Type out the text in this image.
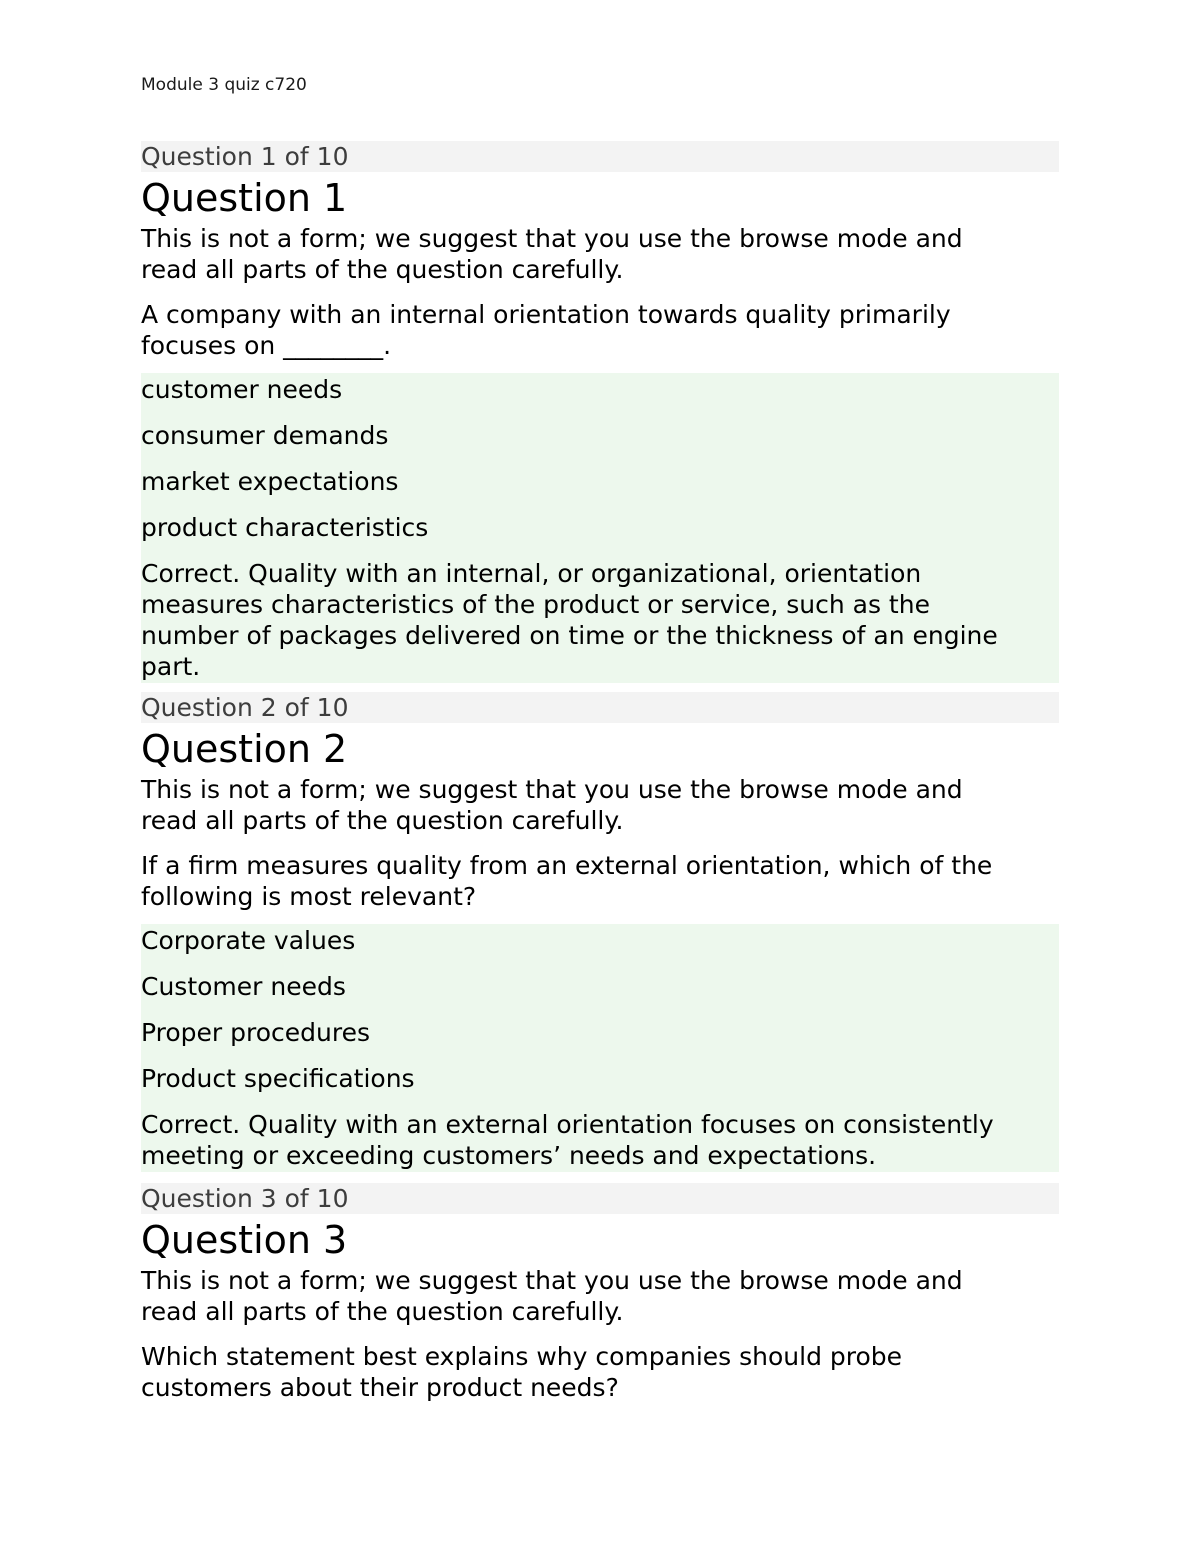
Module 3 quiz c720
Question 1 of 10
Question 1
This is not a form; we suggest that you use the browse mode and
read all parts of the question carefully.
A company with an internal orientation towards quality primarily
focuses on ________.
customer needs
consumer demands
market expectations
product characteristics
Correct. Quality with an internal, or organizational, orientation
measures characteristics of the product or service, such as the
number of packages delivered on time or the thickness of an engine
part.
Question 2 of 10
Question 2
This is not a form; we suggest that you use the browse mode and
read all parts of the question carefully.
If a firm measures quality from an external orientation, which of the
following is most relevant?
Corporate values
Customer needs
Proper procedures
Product specifications
Correct. Quality with an external orientation focuses on consistently
meeting or exceeding customers’ needs and expectations.
Question 3 of 10
Question 3
This is not a form; we suggest that you use the browse mode and
read all parts of the question carefully.
Which statement best explains why companies should probe
customers about their product needs?
